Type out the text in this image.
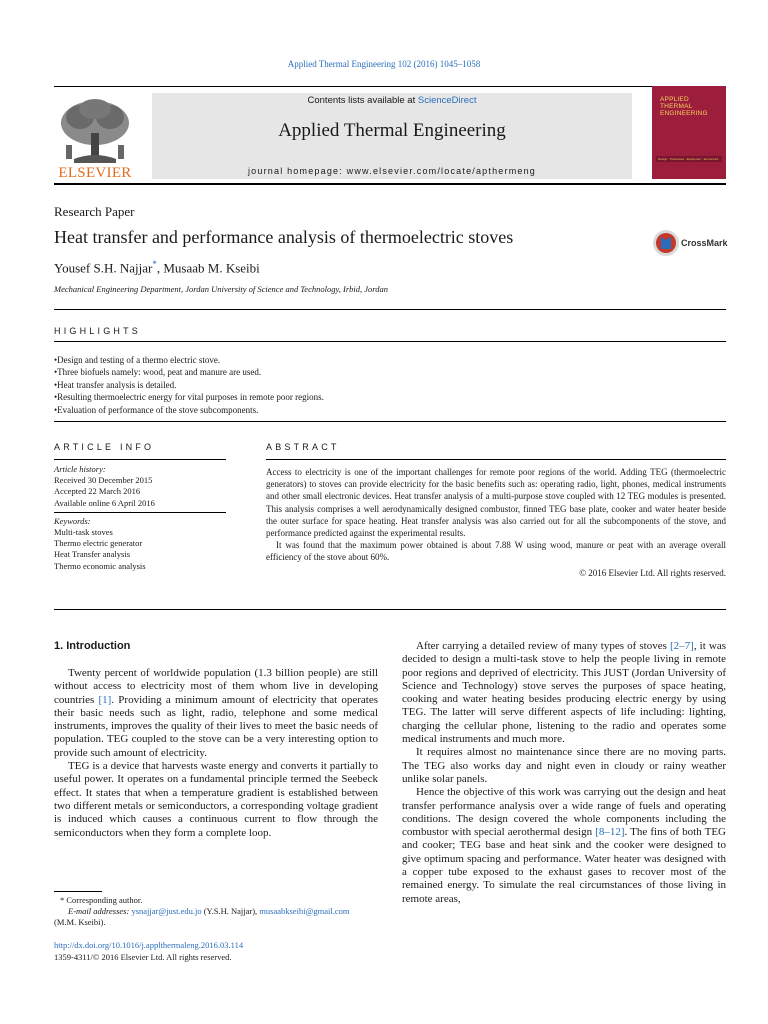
Applied Thermal Engineering 102 (2016) 1045–1058
ELSEVIER
Contents lists available at ScienceDirect
Applied Thermal Engineering
journal homepage: www.elsevier.com/locate/apthermeng
APPLIED
THERMAL
ENGINEERING
Design · Processes · Equipment · Economics
Research Paper
Heat transfer and performance analysis of thermoelectric stoves	CrossMark
Yousef S.H. Najjar*, Musaab M. Kseibi
Mechanical Engineering Department, Jordan University of Science and Technology, Irbid, Jordan
HIGHLIGHTS
• Design and testing of a thermo electric stove.
• Three biofuels namely: wood, peat and manure are used.
• Heat transfer analysis is detailed.
• Resulting thermoelectric energy for vital purposes in remote poor regions.
• Evaluation of performance of the stove subcomponents.
ARTICLE INFO	ABSTRACT
Article history:
Received 30 December 2015
Accepted 22 March 2016
Available online 6 April 2016
Keywords:
Multi-task stoves
Thermo electric generator
Heat Transfer analysis
Thermo economic analysis

Access to electricity is one of the important challenges for remote poor regions of the world. Adding TEG (thermoelectric generators) to stoves can provide electricity for the basic benefits such as: operating radio, light, phones, medical instruments and other small electronic devices. Heat transfer analysis of a multi-purpose stove coupled with 12 TEG modules is presented. This analysis comprises a well aerodynamically designed combustor, finned TEG base plate, cooker and water heater beside the outer surface for space heating. Heat transfer analysis was also carried out for all the subcomponents of the stove, and performance predicted against the experimental results.

It was found that the maximum power obtained is about 7.88 W using wood, manure or peat with an average overall efficiency of the stove about 60%.

© 2016 Elsevier Ltd. All rights reserved.

1. Introduction

Twenty percent of worldwide population (1.3 billion people) are still without access to electricity most of them whom live in developing countries [1]. Providing a minimum amount of electricity that operates their basic needs such as light, radio, telephone and some medical instruments, improves the quality of their lives to meet the basic needs of population. TEG coupled to the stove can be a very interesting option to provide such amount of electricity.

TEG is a device that harvests waste energy and converts it partially to useful power. It operates on a fundamental principle termed the Seebeck effect. It states that when a temperature gradient is established between two different metals or semiconductors, a corresponding voltage gradient is induced which causes a continuous current to flow through the semiconductors when they form a complete loop.

After carrying a detailed review of many types of stoves [2–7], it was decided to design a multi-task stove to help the people living in remote poor regions and deprived of electricity. This JUST (Jordan University of Science and Technology) stove serves the purposes of space heating, cooking and water heating besides producing electric energy by using TEG. The latter will serve different aspects of life including: lighting, charging the cellular phone, listening to the radio and operates some medical instruments and much more.

It requires almost no maintenance since there are no moving parts. The TEG also works day and night even in cloudy or rainy weather unlike solar panels.

Hence the objective of this work was carrying out the design and heat transfer performance analysis over a wide range of fuels and operating conditions. The design covered the whole components including the combustor with special aerothermal design [8–12]. The fins of both TEG and cooker; TEG base and heat sink and the cooker were designed to give optimum spacing and performance. Water heater was designed with a copper tube exposed to the exhaust gases to recover most of the remained energy. To simulate the real circumstances of those living in remote areas,

* Corresponding author.
E-mail addresses: ysnajjar@just.edu.jo (Y.S.H. Najjar), musaabkseibi@gmail.com
(M.M. Kseibi).
http://dx.doi.org/10.1016/j.applthermaleng.2016.03.114
1359-4311/© 2016 Elsevier Ltd. All rights reserved.
